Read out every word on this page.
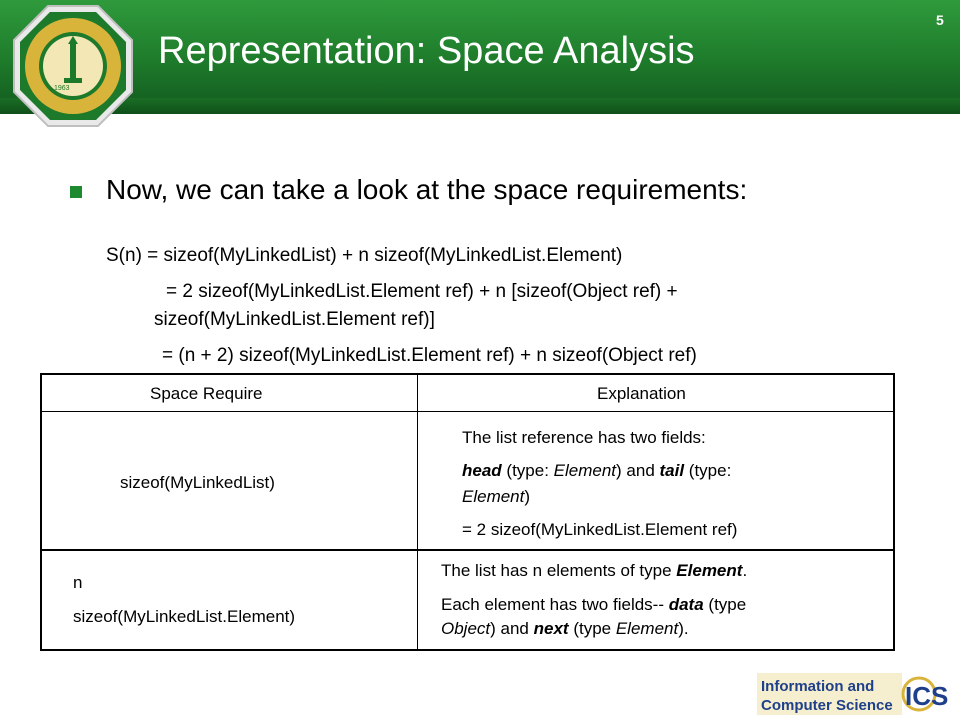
Representation: Space Analysis
5
1963
Now, we can take a look at the space requirements:
S(n) = sizeof(MyLinkedList) + n sizeof(MyLinkedList.Element)
= 2 sizeof(MyLinkedList.Element ref) + n [sizeof(Object ref) +
sizeof(MyLinkedList.Element ref)]
= (n + 2) sizeof(MyLinkedList.Element ref) + n sizeof(Object ref)
Space Require	Explanation
sizeof(MyLinkedList)
The list reference has two fields:
head (type: Element) and tail (type:
Element)
= 2 sizeof(MyLinkedList.Element ref)
n
sizeof(MyLinkedList.Element)
The list has n elements of type Element.
Each element has two fields-- data (type
Object) and next (type Element).
Information and
Computer Science ICS
